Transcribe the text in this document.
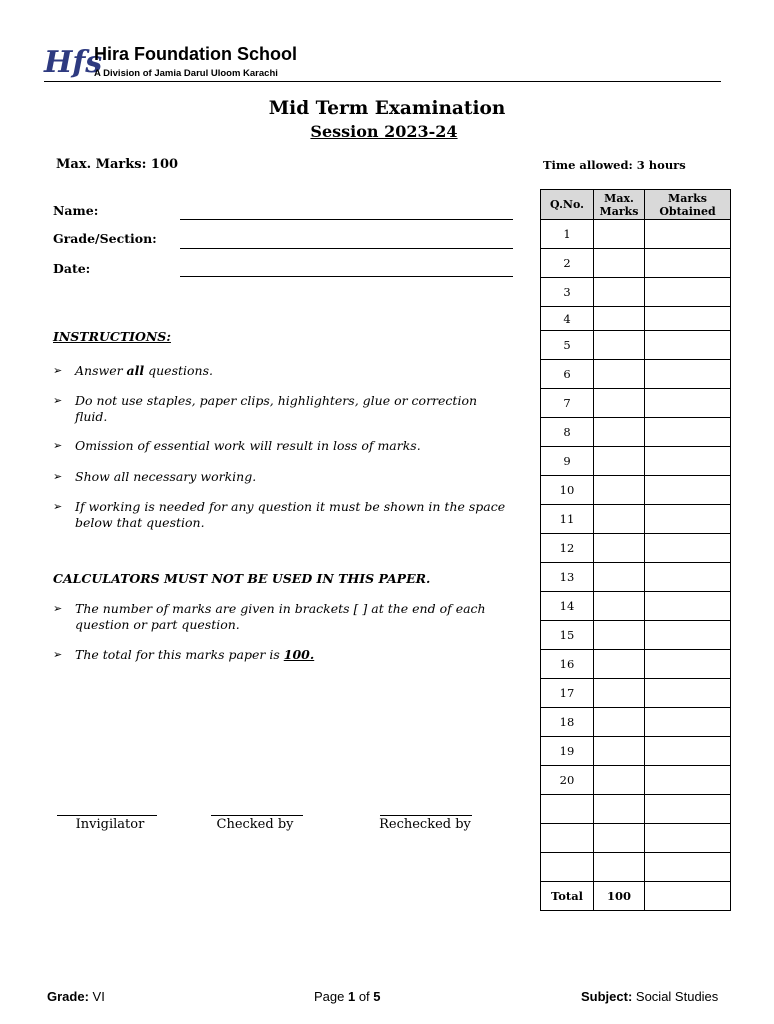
Hfs
Hira Foundation School
A Division of Jamia Darul Uloom Karachi
Mid Term Examination
Session 2023-24
Max. Marks: 100	Time allowed: 3 hours
Name:
Grade/Section:
Date:
INSTRUCTIONS:
➢ Answer all questions.
➢ Do not use staples, paper clips, highlighters, glue or correction fluid.
➢ Omission of essential work will result in loss of marks.
➢ Show all necessary working.
➢ If working is needed for any question it must be shown in the space below that question.
CALCULATORS MUST NOT BE USED IN THIS PAPER.
➢ The number of marks are given in brackets [ ] at the end of each question or part question.
➢ The total for this marks paper is 100.
Invigilator	Checked by	Rechecked by
Q.No.	Max. Marks	Marks Obtained
1		
2		
3		
4		
5		
6		
7		
8		
9		
10		
11		
12		
13		
14		
15		
16		
17		
18		
19		
20		

Total	100	
Grade: VI	Page 1 of 5	Subject: Social Studies
